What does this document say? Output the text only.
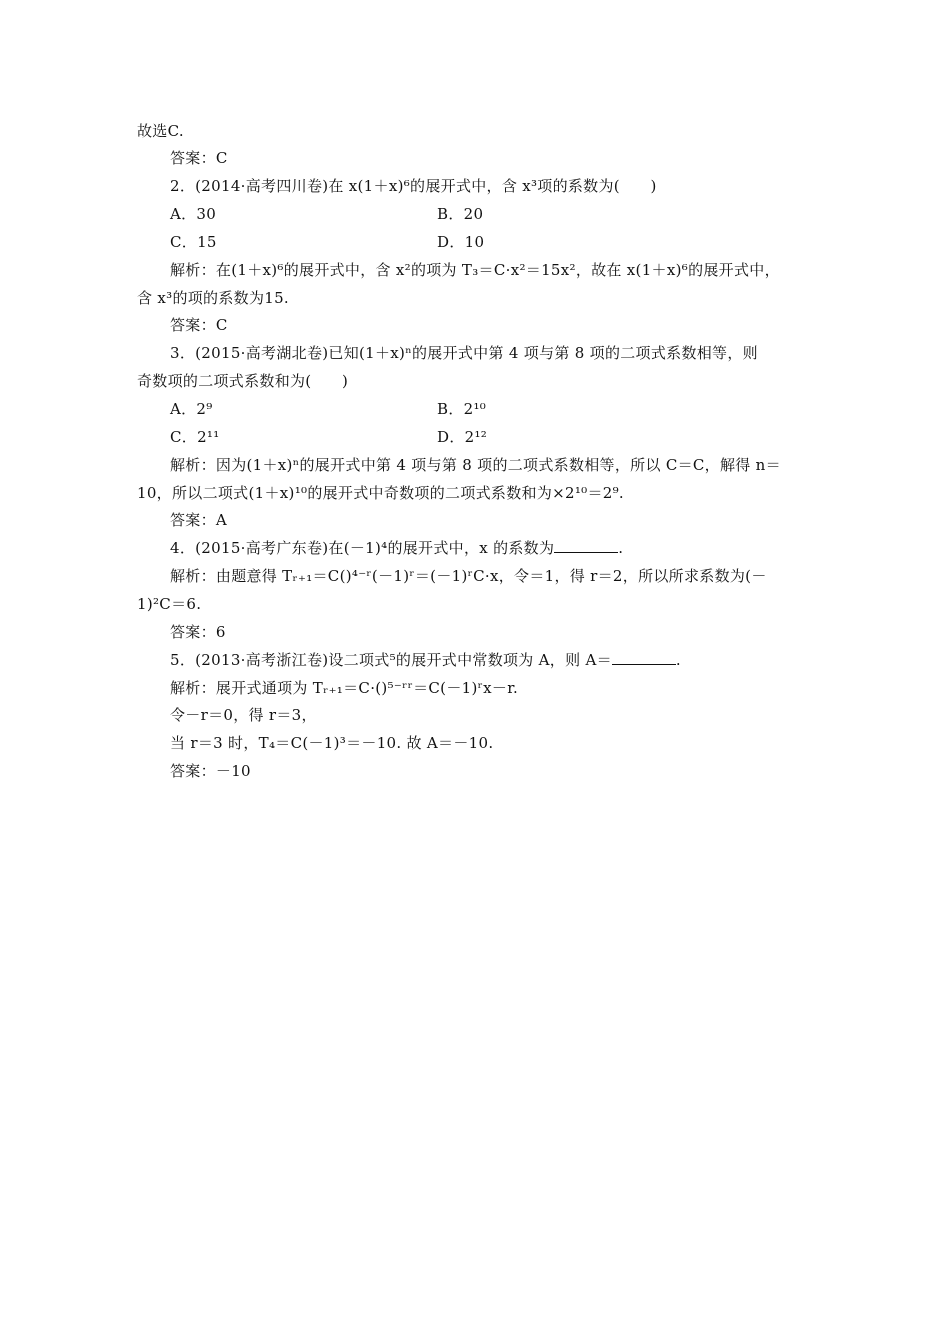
故选C.
答案：C
2．(2014·高考四川卷)在 x(1＋x)⁶的展开式中，含 x³项的系数为(　　)
A．30	B．20
C．15	D．10
解析：在(1＋x)⁶的展开式中，含 x²的项为 T₃＝C·x²＝15x²，故在 x(1＋x)⁶的展开式中，
含 x³的项的系数为15.
答案：C
3．(2015·高考湖北卷)已知(1＋x)ⁿ的展开式中第 4 项与第 8 项的二项式系数相等，则
奇数项的二项式系数和为(　　)
A．2⁹	B．2¹⁰
C．2¹¹	D．2¹²
解析：因为(1＋x)ⁿ的展开式中第 4 项与第 8 项的二项式系数相等，所以 C＝C，解得 n＝
10，所以二项式(1＋x)¹⁰的展开式中奇数项的二项式系数和为×2¹⁰＝2⁹.
答案：A
4．(2015·高考广东卷)在(－1)⁴的展开式中，x 的系数为	.
解析：由题意得 Tᵣ₊₁＝C()⁴⁻ʳ(－1)ʳ＝(－1)ʳC·x，令＝1，得 r＝2，所以所求系数为(－
1)²C＝6.
答案：6
5．(2013·高考浙江卷)设二项式⁵的展开式中常数项为 A，则 A＝	.
解析：展开式通项为 Tᵣ₊₁＝C·()⁵⁻ʳʳ＝C(－1)ʳx－r.
令－r＝0，得 r＝3，
当 r＝3 时，T₄＝C(－1)³＝－10. 故 A＝－10.
答案：－10
